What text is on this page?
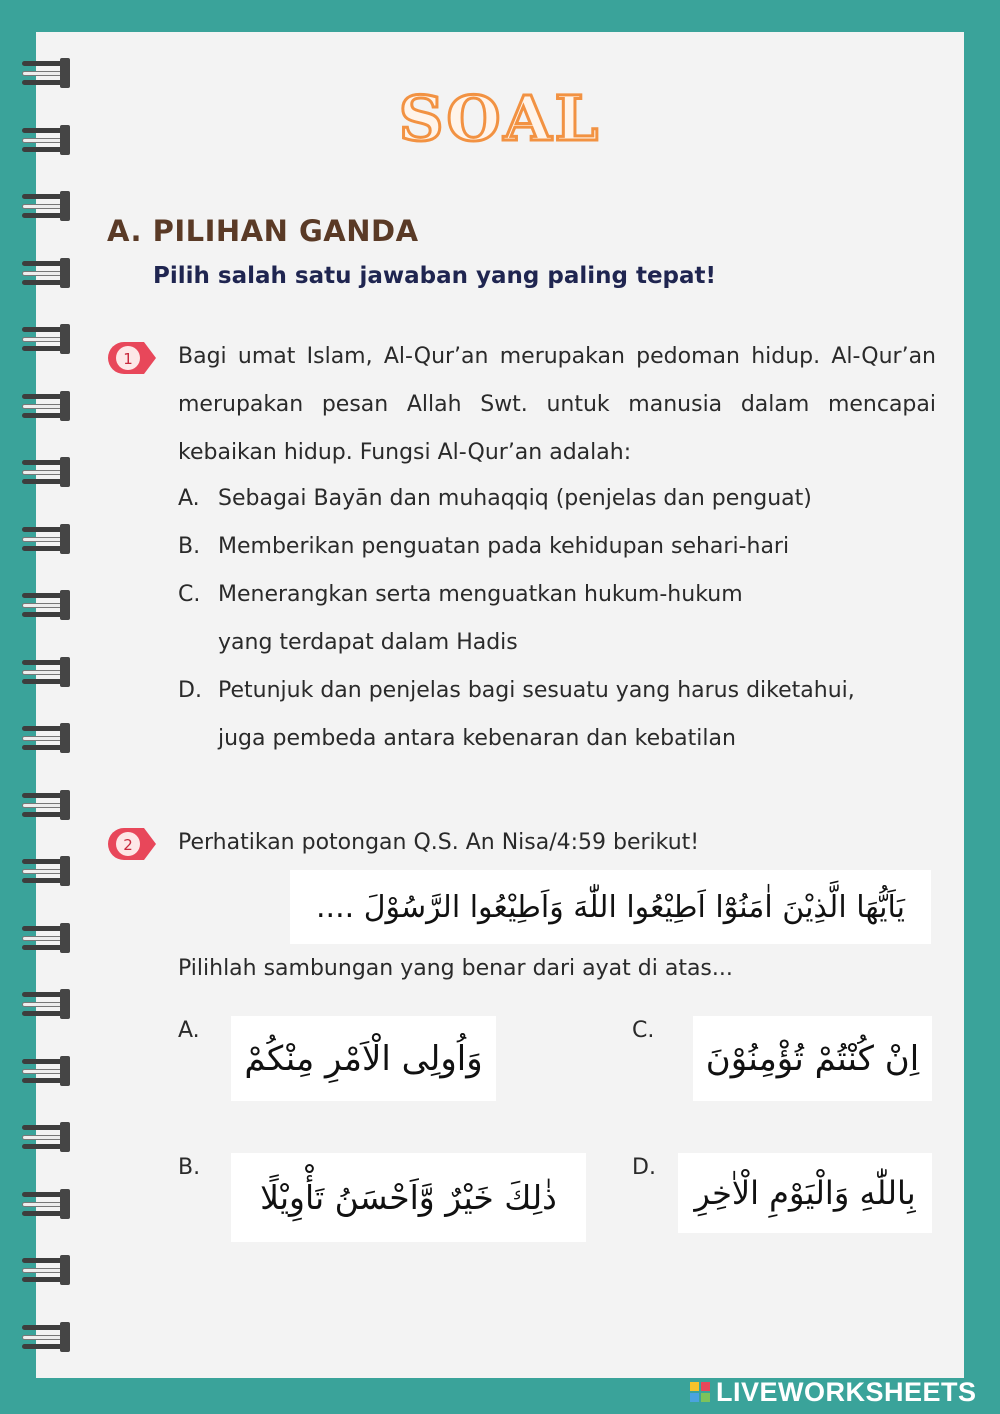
SOAL
A. PILIHAN GANDA
Pilih salah satu jawaban yang paling tepat!
1 Bagi umat Islam, Al-Qur’an merupakan pedoman hidup. Al-Qur’an merupakan pesan Allah Swt. untuk manusia dalam mencapai kebaikan hidup. Fungsi Al-Qur’an adalah:
A. Sebagai Bayān dan muhaqqiq (penjelas dan penguat)
B. Memberikan penguatan pada kehidupan sehari-hari
C. Menerangkan serta menguatkan hukum-hukum
yang terdapat dalam Hadis
D. Petunjuk dan penjelas bagi sesuatu yang harus diketahui,
juga pembeda antara kebenaran dan kebatilan
2 Perhatikan potongan Q.S. An Nisa/4:59 berikut!
يَاَيُّهَا الَّذِيْنَ اٰمَنُوْٓا اَطِيْعُوا اللّٰهَ وَاَطِيْعُوا الرَّسُوْلَ ....
Pilihlah sambungan yang benar dari ayat di atas...
A.
وَاُولِى الْاَمْرِ مِنْكُمْ
C.
اِنْ كُنْتُمْ تُؤْمِنُوْنَ
B.
ذٰلِكَ خَيْرٌ وَّاَحْسَنُ تَأْوِيْلًا
D.
بِاللّٰهِ وَالْيَوْمِ الْاٰخِرِ
LIVEWORKSHEETS
